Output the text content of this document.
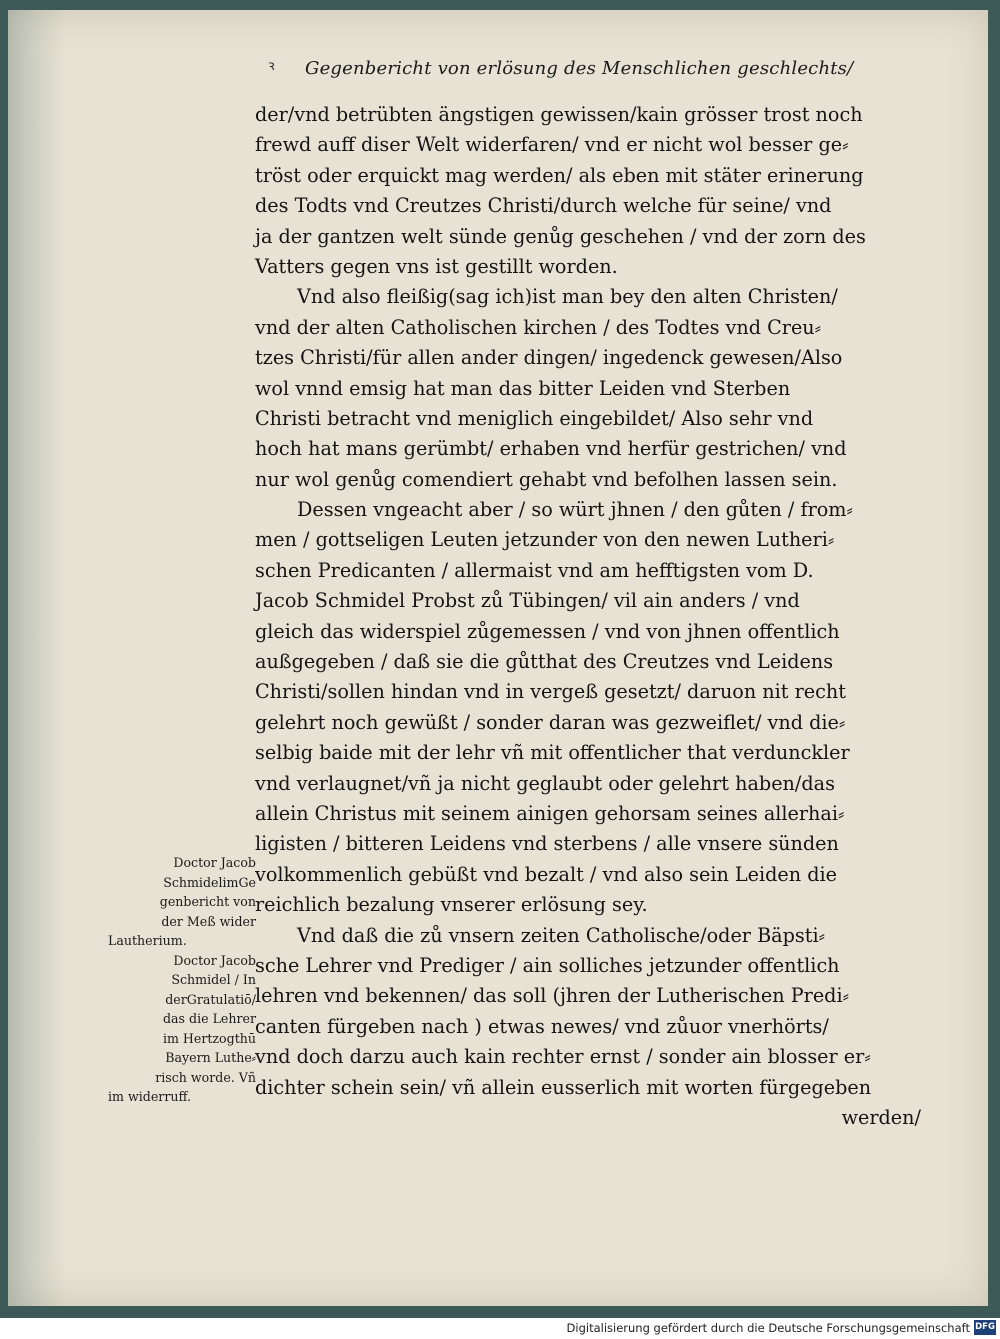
ꝛ	Gegenbericht von erlösung des Menschlichen geschlechts/
der/vnd betrübten ängstigen gewissen/kain grösser trost noch
frewd auff diser Welt widerfaren/ vnd er nicht wol besser ge⸗
tröst oder erquickt mag werden/ als eben mit stäter erinerung
des Todts vnd Creutzes Christi/durch welche für seine/ vnd
ja der gantzen welt sünde genůg geschehen / vnd der zorn des
Vatters gegen vns ist gestillt worden.
Vnd also fleißig(sag ich)ist man bey den alten Christen/
vnd der alten Catholischen kirchen / des Todtes vnd Creu⸗
tzes Christi/für allen ander dingen/ ingedenck gewesen/Also
wol vnnd emsig hat man das bitter Leiden vnd Sterben
Christi betracht vnd meniglich eingebildet/ Also sehr vnd
hoch hat mans gerümbt/ erhaben vnd herfür gestrichen/ vnd
nur wol genůg comendiert gehabt vnd befolhen lassen sein.
Dessen vngeacht aber / so würt jhnen / den gůten / from⸗
men / gottseligen Leuten jetzunder von den newen Lutheri⸗
schen Predicanten / allermaist vnd am hefftigsten vom D.
Jacob Schmidel Probst zů Tübingen/ vil ain anders / vnd
gleich das widerspiel zůgemessen / vnd von jhnen offentlich
außgegeben / daß sie die gůtthat des Creutzes vnd Leidens
Christi/sollen hindan vnd in vergeß gesetzt/ daruon nit recht
gelehrt noch gewüßt / sonder daran was gezweiflet/ vnd die⸗
selbig baide mit der lehr vñ mit offentlicher that verdunckler
vnd verlaugnet/vñ ja nicht geglaubt oder gelehrt haben/das
allein Christus mit seinem ainigen gehorsam seines allerhai⸗
ligisten / bitteren Leidens vnd sterbens / alle vnsere sünden
volkommenlich gebüßt vnd bezalt / vnd also sein Leiden die
reichlich bezalung vnserer erlösung sey.
Vnd daß die zů vnsern zeiten Catholische/oder Bäpsti⸗
sche Lehrer vnd Prediger / ain solliches jetzunder offentlich
lehren vnd bekennen/ das soll (jhren der Lutherischen Predi⸗
canten fürgeben nach ) etwas newes/ vnd zůuor vnerhörts/
vnd doch darzu auch kain rechter ernst / sonder ain blosser er⸗
dichter schein sein/ vñ allein eusserlich mit worten fürgegeben
werden/
Doctor Jacob
SchmidelimGe
genbericht von
der Meß wider
Lautherium.
Doctor Jacob
Schmidel / In
derGratulatiō/
das die Lehrer
im Hertzogthū
Bayern Luthe⸗
risch worde. Vñ
im widerruff.
Digitalisierung gefördert durch die Deutsche Forschungsgemeinschaft DFG
